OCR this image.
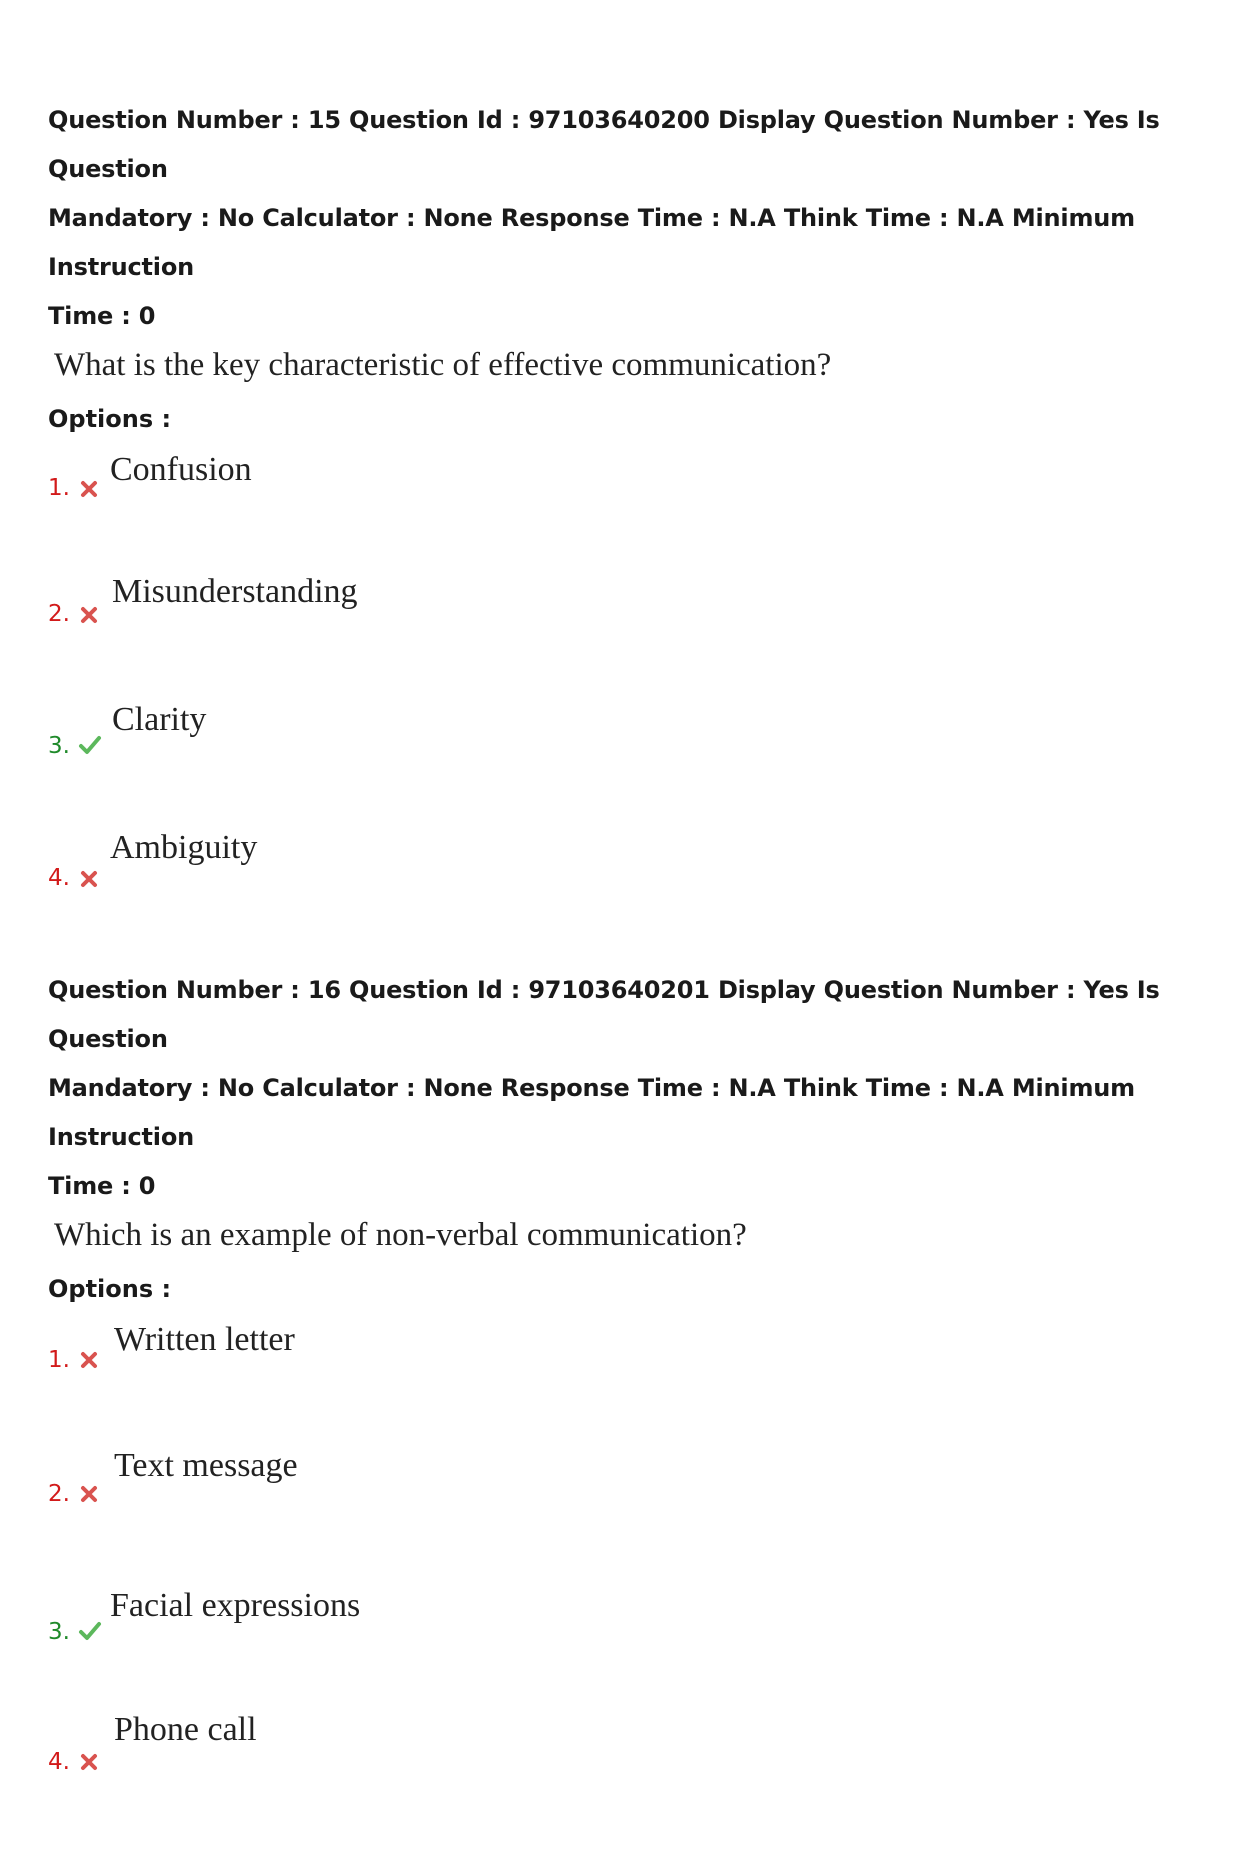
Question Number : 15 Question Id : 97103640200 Display Question Number : Yes Is Question

Mandatory : No Calculator : None Response Time : N.A Think Time : N.A Minimum Instruction

Time : 0

What is the key characteristic of effective communication?

Options :

1. Confusion
2.
Misunderstanding
3.
Clarity
4.
Ambiguity

Question Number : 16 Question Id : 97103640201 Display Question Number : Yes Is Question

Mandatory : No Calculator : None Response Time : N.A Think Time : N.A Minimum Instruction

Time : 0

Which is an example of non-verbal communication?

Options :

1.
Written letter
2.
Text message
3.
Facial expressions
4.
Phone call
